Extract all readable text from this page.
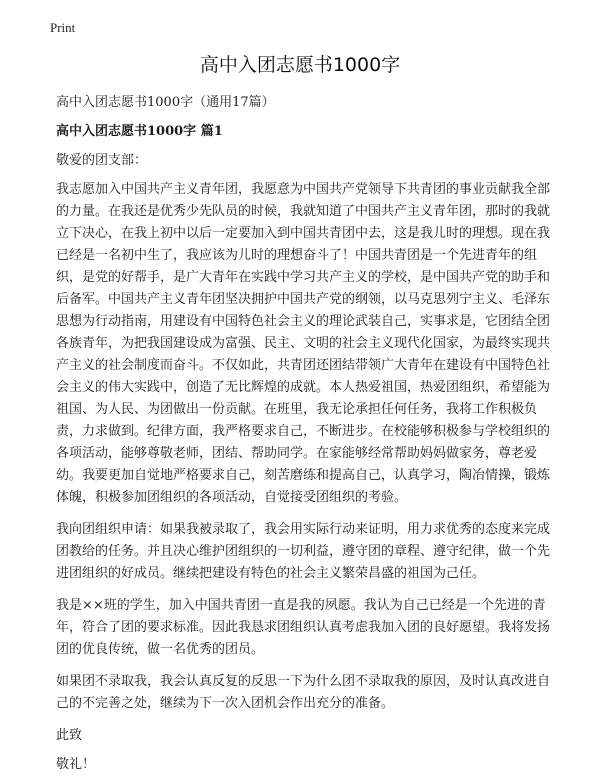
Print
高中入团志愿书1000字

高中入团志愿书1000字（通用17篇）

高中入团志愿书1000字 篇1

敬爱的团支部：

我志愿加入中国共产主义青年团，我愿意为中国共产党领导下共青团的事业贡献我全部的力量。在我还是优秀少先队员的时候，我就知道了中国共产主义青年团，那时的我就立下决心，在我上初中以后一定要加入到中国共青团中去，这是我儿时的理想。现在我已经是一名初中生了，我应该为儿时的理想奋斗了！中国共青团是一个先进青年的组织，是党的好帮手，是广大青年在实践中学习共产主义的学校，是中国共产党的助手和后备军。中国共产主义青年团坚决拥护中国共产党的纲领，以马克思列宁主义、毛泽东思想为行动指南，用建设有中国特色社会主义的理论武装自己，实事求是，它团结全团各族青年，为把我国建设成为富强、民主、文明的社会主义现代化国家，为最终实现共产主义的社会制度而奋斗。不仅如此，共青团还团结带领广大青年在建设有中国特色社会主义的伟大实践中，创造了无比辉煌的成就。本人热爱祖国，热爱团组织，希望能为祖国、为人民、为团做出一份贡献。在班里，我无论承担任何任务，我将工作积极负责，力求做到。纪律方面，我严格要求自己，不断进步。在校能够积极参与学校组织的各项活动，能够尊敬老师，团结、帮助同学。在家能够经常帮助妈妈做家务，尊老爱幼。我要更加自觉地严格要求自己，刻苦磨练和提高自己，认真学习，陶冶情操，锻炼体魄，积极参加团组织的各项活动，自觉接受团组织的考验。

我向团组织申请：如果我被录取了，我会用实际行动来证明，用力求优秀的态度来完成团教给的任务。并且决心维护团组织的一切利益，遵守团的章程、遵守纪律，做一个先进团组织的好成员。继续把建设有特色的社会主义繁荣昌盛的祖国为己任。

我是××班的学生，加入中国共青团一直是我的夙愿。我认为自己已经是一个先进的青年，符合了团的要求标准。因此我恳求团组织认真考虑我加入团的良好愿望。我将发扬团的优良传统，做一名优秀的团员。

如果团不录取我，我会认真反复的反思一下为什么团不录取我的原因，及时认真改进自己的不完善之处，继续为下一次入团机会作出充分的准备。

此致

敬礼！
